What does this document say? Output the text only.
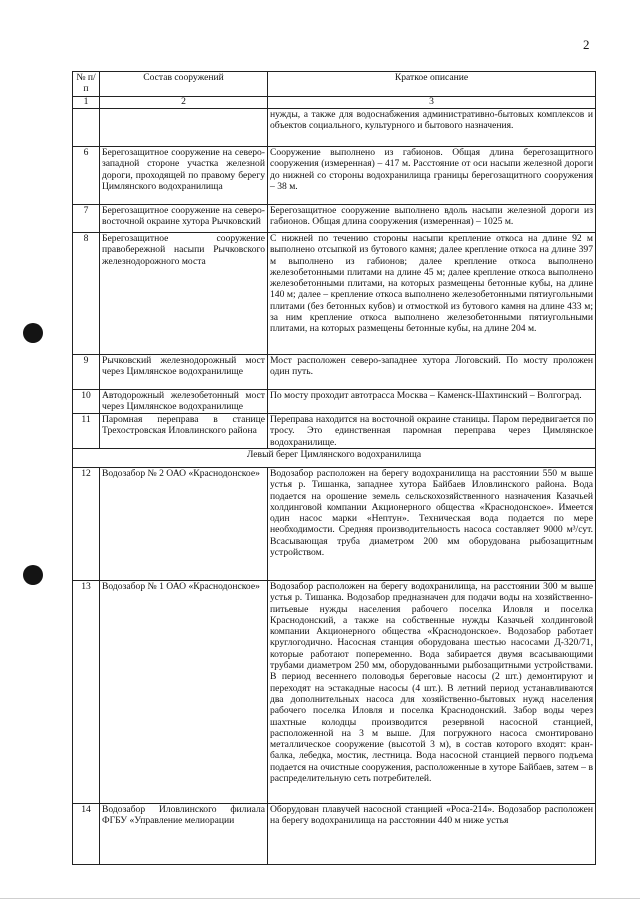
2
№ п/п	Состав сооружений	Краткое описание
1	2	3
		нужды, а также для водоснабжения административно-бытовых комплексов и объектов социального, культурного и бытового назначения.
6	Берегозащитное сооружение на северо-западной стороне участка железной дороги, проходящей по правому берегу Цимлянского водохранилища	Сооружение выполнено из габионов. Общая длина берегозащитного сооружения (измеренная) – 417 м. Расстояние от оси насыпи железной дороги до нижней со стороны водохранилища границы берегозащитного сооружения – 38 м.
7	Берегозащитное сооружение на северо-восточной окраине хутора Рычковский	Берегозащитное сооружение выполнено вдоль насыпи железной дороги из габионов. Общая длина сооружения (измеренная) – 1025 м.
8	Берегозащитное сооружение правобережной насыпи Рычковского железнодорожного моста	С нижней по течению стороны насыпи крепление откоса на длине 92 м выполнено отсыпкой из бутового камня; далее крепление откоса на длине 397 м выполнено из габионов; далее крепление откоса выполнено железобетонными плитами на длине 45 м; далее крепление откоса выполнено железобетонными плитами, на которых размещены бетонные кубы, на длине 140 м; далее – крепление откоса выполнено железобетонными пятиугольными плитами (без бетонных кубов) и отмосткой из бутового камня на длине 433 м; за ним крепление откоса выполнено железобетонными пятиугольными плитами, на которых размещены бетонные кубы, на длине 204 м.
9	Рычковский железнодорожный мост через Цимлянское водохранилище	Мост расположен северо-западнее хутора Логовский. По мосту проложен один путь.
10	Автодорожный железобетонный мост через Цимлянское водохранилище	По мосту проходит автотрасса Москва – Каменск-Шахтинский – Волгоград.
11	Паромная переправа в станице Трехостровская Иловлинского района	Переправа находится на восточной окраине станицы. Паром передвигается по тросу. Это единственная паромная переправа через Цимлянское водохранилище.
Левый берег Цимлянского водохранилища		
12	Водозабор № 2 ОАО «Краснодонское»	Водозабор расположен на берегу водохранилища на расстоянии 550 м выше устья р. Тишанка, западнее хутора Байбаев Иловлинского района. Вода подается на орошение земель сельскохозяйственного назначения Казачьей холдинговой компании Акционерного общества «Краснодонское». Имеется один насос марки «Нептун». Техническая вода подается по мере необходимости. Средняя производительность насоса составляет 9000 м³/сут. Всасывающая труба диаметром 200 мм оборудована рыбозащитным устройством.
13	Водозабор № 1 ОАО «Краснодонское»	Водозабор расположен на берегу водохранилища, на расстоянии 300 м выше устья р. Тишанка. Водозабор предназначен для подачи воды на хозяйственно-питьевые нужды населения рабочего поселка Иловля и поселка Краснодонский, а также на собственные нужды Казачьей холдинговой компании Акционерного общества «Краснодонское». Водозабор работает круглогодично. Насосная станция оборудована шестью насосами Д-320/71, которые работают попеременно. Вода забирается двумя всасывающими трубами диаметром 250 мм, оборудованными рыбозащитными устройствами. В период весеннего половодья береговые насосы (2 шт.) демонтируют и переходят на эстакадные насосы (4 шт.). В летний период устанавливаются два дополнительных насоса для хозяйственно-бытовых нужд населения рабочего поселка Иловля и поселка Краснодонский. Забор воды через шахтные колодцы производится резервной насосной станцией, расположенной на 3 м выше. Для погружного насоса смонтировано металлическое сооружение (высотой 3 м), в состав которого входят: кран-балка, лебедка, мостик, лестница. Вода насосной станцией первого подъема подается на очистные сооружения, расположенные в хуторе Байбаев, затем – в распределительную сеть потребителей.
14	Водозабор Иловлинского филиала ФГБУ «Управление мелиорации	Оборудован плавучей насосной станцией «Роса-214». Водозабор расположен на берегу водохранилища на расстоянии 440 м ниже устья
